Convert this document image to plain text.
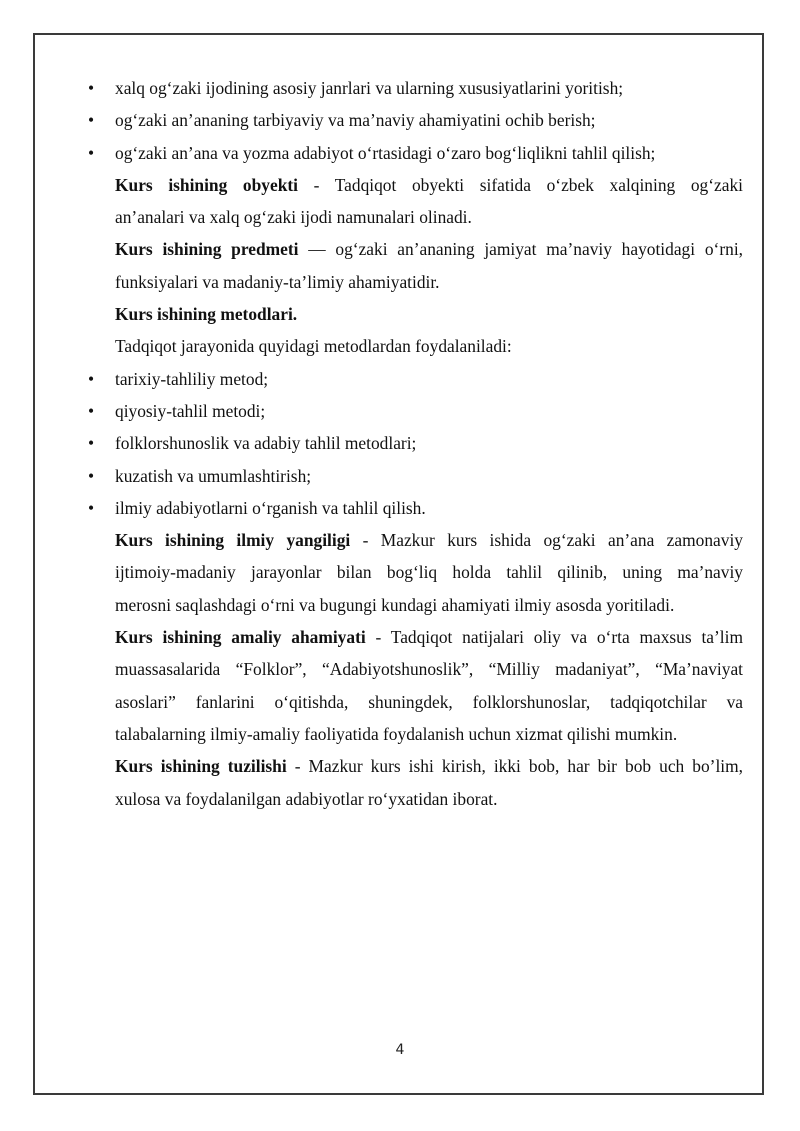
• xalq og‘zaki ijodining asosiy janrlari va ularning xususiyatlarini yoritish;
• og‘zaki an’ananing tarbiyaviy va ma’naviy ahamiyatini ochib berish;
• og‘zaki an’ana va yozma adabiyot o‘rtasidagi o‘zaro bog‘liqlikni tahlil qilish;
Kurs ishining obyekti - Tadqiqot obyekti sifatida o‘zbek xalqining og‘zaki
an’analari va xalq og‘zaki ijodi namunalari olinadi.
Kurs ishining predmeti — og‘zaki an’ananing jamiyat ma’naviy hayotidagi o‘rni,
funksiyalari va madaniy-ta’limiy ahamiyatidir.
Kurs ishining metodlari.
Tadqiqot jarayonida quyidagi metodlardan foydalaniladi:
• tarixiy-tahliliy metod;
• qiyosiy-tahlil metodi;
• folklorshunoslik va adabiy tahlil metodlari;
• kuzatish va umumlashtirish;
• ilmiy adabiyotlarni o‘rganish va tahlil qilish.
Kurs ishining ilmiy yangiligi - Mazkur kurs ishida og‘zaki an’ana zamonaviy
ijtimoiy-madaniy jarayonlar bilan bog‘liq holda tahlil qilinib, uning ma’naviy
merosni saqlashdagi o‘rni va bugungi kundagi ahamiyati ilmiy asosda yoritiladi.
Kurs ishining amaliy ahamiyati - Tadqiqot natijalari oliy va o‘rta maxsus ta’lim
muassasalarida “Folklor”, “Adabiyotshunoslik”, “Milliy madaniyat”, “Ma’naviyat
asoslari” fanlarini o‘qitishda, shuningdek, folklorshunoslar, tadqiqotchilar va
talabalarning ilmiy-amaliy faoliyatida foydalanish uchun xizmat qilishi mumkin.
Kurs ishining tuzilishi - Mazkur kurs ishi kirish, ikki bob, har bir bob uch bo’lim,
xulosa va foydalanilgan adabiyotlar ro‘yxatidan iborat.
4
